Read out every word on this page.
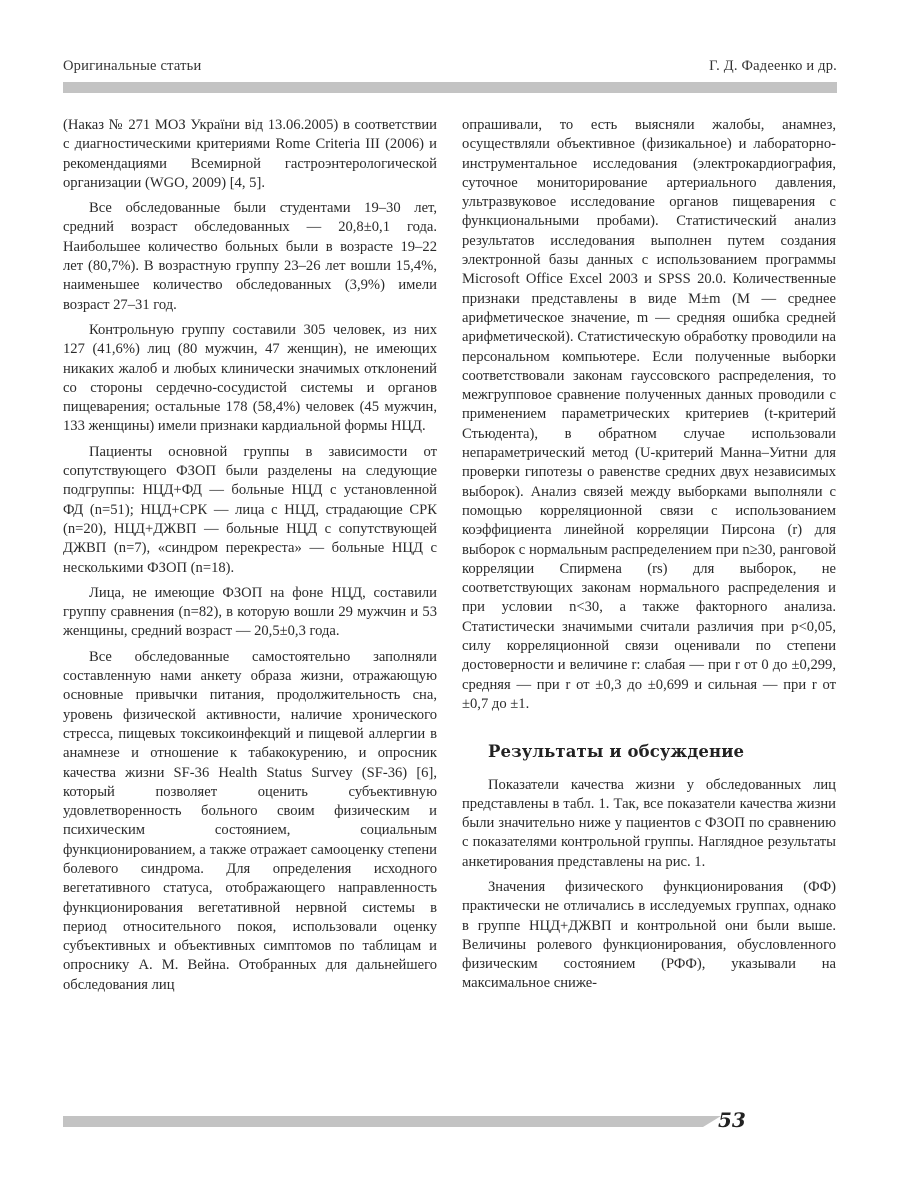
Оригинальные статьи	Г. Д. Фадеенко и др.

(Наказ № 271 МОЗ України від 13.06.2005) в соответствии с диагностическими критериями Rome Criteria III (2006) и рекомендациями Всемирной гастроэнтерологической организации (WGO, 2009) [4, 5].

Все обследованные были студентами 19–30 лет, средний возраст обследованных — 20,8±0,1 года. Наибольшее количество больных были в возрасте 19–22 лет (80,7%). В возрастную группу 23–26 лет вошли 15,4%, наименьшее количество обследованных (3,9%) имели возраст 27–31 год.

Контрольную группу составили 305 человек, из них 127 (41,6%) лиц (80 мужчин, 47 женщин), не имеющих никаких жалоб и любых клинически значимых отклонений со стороны сердечно-сосудистой системы и органов пищеварения; остальные 178 (58,4%) человек (45 мужчин, 133 женщины) имели признаки кардиальной формы НЦД.

Пациенты основной группы в зависимости от сопутствующего ФЗОП были разделены на следующие подгруппы: НЦД+ФД — больные НЦД с установленной ФД (n=51); НЦД+СРК — лица с НЦД, страдающие СРК (n=20), НЦД+ДЖВП — больные НЦД с сопутствующей ДЖВП (n=7), «синдром перекреста» — больные НЦД с несколькими ФЗОП (n=18).

Лица, не имеющие ФЗОП на фоне НЦД, составили группу сравнения (n=82), в которую вошли 29 мужчин и 53 женщины, средний возраст — 20,5±0,3 года.

Все обследованные самостоятельно заполняли составленную нами анкету образа жизни, отражающую основные привычки питания, продолжительность сна, уровень физической активности, наличие хронического стресса, пищевых токсикоинфекций и пищевой аллергии в анамнезе и отношение к табакокурению, и опросник качества жизни SF-36 Health Status Survey (SF-36) [6], который позволяет оценить субъективную удовлетворенность больного своим физическим и психическим состоянием, социальным функционированием, а также отражает самооценку степени болевого синдрома. Для определения исходного вегетативного статуса, отображающего направленность функционирования вегетативной нервной системы в период относительного покоя, использовали оценку субъективных и объективных симптомов по таблицам и опроснику А. М. Вейна. Отобранных для дальнейшего обследования лиц

опрашивали, то есть выясняли жалобы, анамнез, осуществляли объективное (физикальное) и лабораторно-инструментальное исследования (электрокардиография, суточное мониторирование артериального давления, ультразвуковое исследование органов пищеварения с функциональными пробами). Статистический анализ результатов исследования выполнен путем создания электронной базы данных с использованием программы Microsoft Office Excel 2003 и SPSS 20.0. Количественные признаки представлены в виде M±m (M — среднее арифметическое значение, m — средняя ошибка средней арифметической). Статистическую обработку проводили на персональном компьютере. Если полученные выборки соответствовали законам гауссовского распределения, то межгрупповое сравнение полученных данных проводили с применением параметрических критериев (t-критерий Стьюдента), в обратном случае использовали непараметрический метод (U-критерий Манна–Уитни для проверки гипотезы о равенстве средних двух независимых выборок). Анализ связей между выборками выполняли с помощью корреляционной связи с использованием коэффициента линейной корреляции Пирсона (r) для выборок с нормальным распределением при n≥30, ранговой корреляции Спирмена (rs) для выборок, не соответствующих законам нормального распределения и при условии n<30, а также факторного анализа. Статистически значимыми считали различия при p<0,05, силу корреляционной связи оценивали по степени достоверности и величине r: слабая — при r от 0 до ±0,299, средняя — при r от ±0,3 до ±0,699 и сильная — при r от ±0,7 до ±1.

Результаты и обсуждение

Показатели качества жизни у обследованных лиц представлены в табл. 1. Так, все показатели качества жизни были значительно ниже у пациентов с ФЗОП по сравнению с показателями контрольной группы. Наглядное результаты анкетирования представлены на рис. 1.

Значения физического функционирования (ФФ) практически не отличались в исследуемых группах, однако в группе НЦД+ДЖВП и контрольной они были выше. Величины ролевого функционирования, обусловленного физическим состоянием (РФФ), указывали на максимальное сниже-

53
